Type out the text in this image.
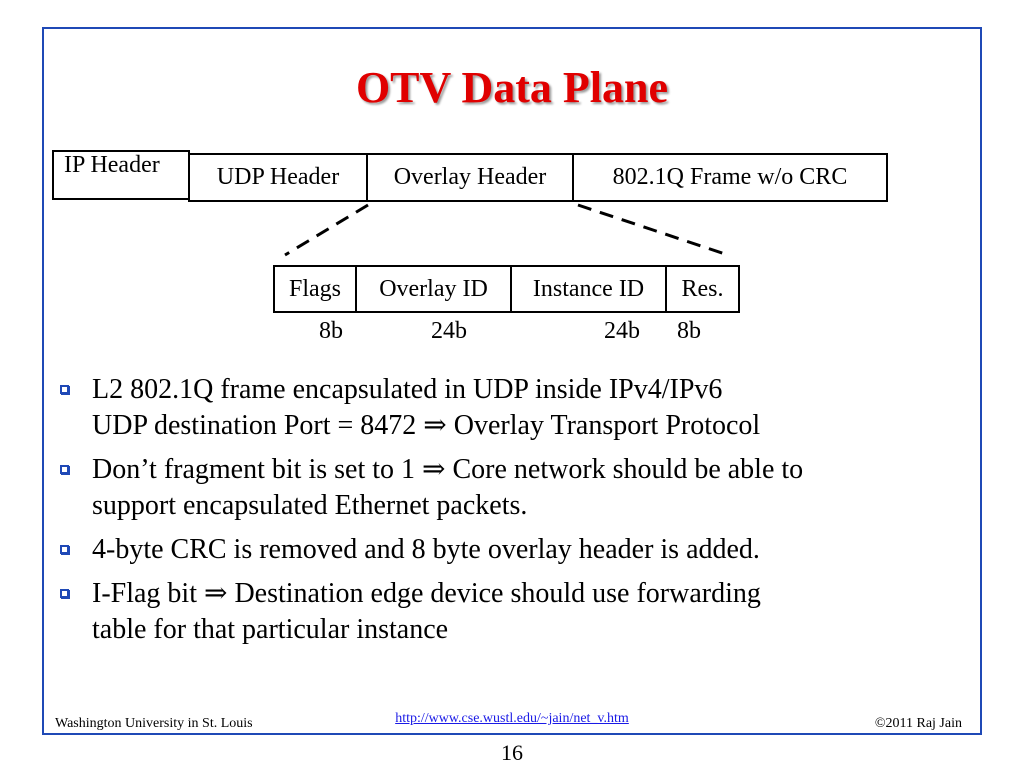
OTV Data Plane
IP Header	UDP Header	Overlay Header	802.1Q Frame w/o CRC
Flags	Overlay ID	Instance ID	Res.
8b	24b	24b	8b
L2 802.1Q frame encapsulated in UDP inside IPv4/IPv6
UDP destination Port = 8472 ⇒ Overlay Transport Protocol
Don’t fragment bit is set to 1 ⇒ Core network should be able to
support encapsulated Ethernet packets.
4-byte CRC is removed and 8 byte overlay header is added.
I-Flag bit ⇒ Destination edge device should use forwarding
table for that particular instance
Washington University in St. Louis	http://www.cse.wustl.edu/~jain/net_v.htm	©2011 Raj Jain
16
